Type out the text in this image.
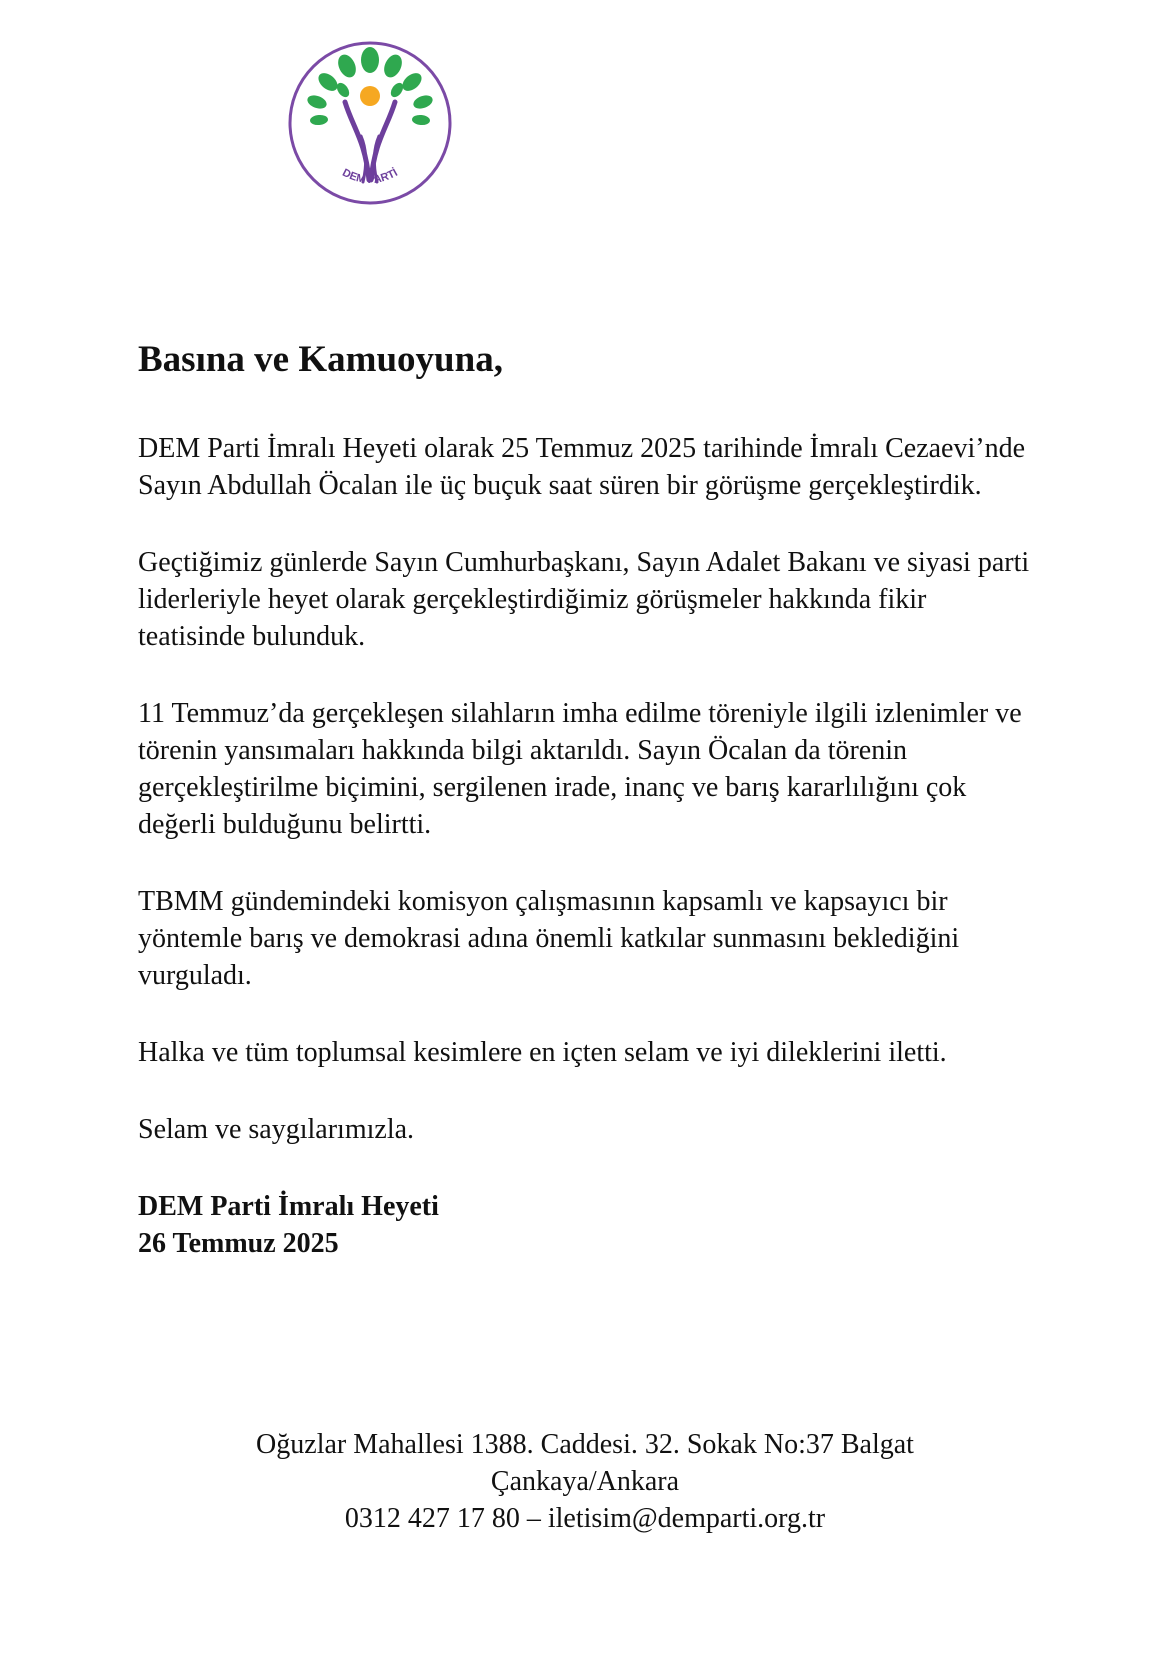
DEM PARTİ
Basına ve Kamuoyuna,

DEM Parti İmralı Heyeti olarak 25 Temmuz 2025 tarihinde İmralı Cezaevi’nde Sayın Abdullah Öcalan ile üç buçuk saat süren bir görüşme gerçekleştirdik.

Geçtiğimiz günlerde Sayın Cumhurbaşkanı, Sayın Adalet Bakanı ve siyasi parti liderleriyle heyet olarak gerçekleştirdiğimiz görüşmeler hakkında fikir teatisinde bulunduk.

11 Temmuz’da gerçekleşen silahların imha edilme töreniyle ilgili izlenimler ve törenin yansımaları hakkında bilgi aktarıldı. Sayın Öcalan da törenin gerçekleştirilme biçimini, sergilenen irade, inanç ve barış kararlılığını çok değerli bulduğunu belirtti.

TBMM gündemindeki komisyon çalışmasının kapsamlı ve kapsayıcı bir yöntemle barış ve demokrasi adına önemli katkılar sunmasını beklediğini vurguladı.

Halka ve tüm toplumsal kesimlere en içten selam ve iyi dileklerini iletti.

Selam ve saygılarımızla.

DEM Parti İmralı Heyeti
26 Temmuz 2025
Oğuzlar Mahallesi 1388. Caddesi. 32. Sokak No:37 Balgat
Çankaya/Ankara
0312 427 17 80 – iletisim@demparti.org.tr
